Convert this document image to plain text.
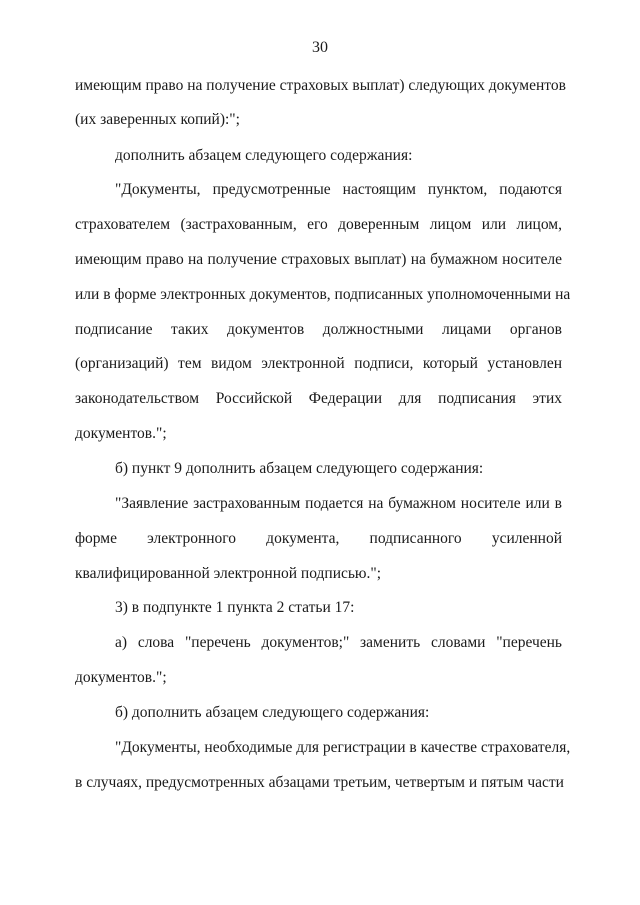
30
имеющим право на получение страховых выплат) следующих документов
(их заверенных копий):";
дополнить абзацем следующего содержания:
"Документы, предусмотренные настоящим пунктом, подаются
страхователем (застрахованным, его доверенным лицом или лицом,
имеющим право на получение страховых выплат) на бумажном носителе
или в форме электронных документов, подписанных уполномоченными на
подписание таких документов должностными лицами органов
(организаций) тем видом электронной подписи, который установлен
законодательством Российской Федерации для подписания этих
документов.";
б) пункт 9 дополнить абзацем следующего содержания:
"Заявление застрахованным подается на бумажном носителе или в
форме электронного документа, подписанного усиленной
квалифицированной электронной подписью.";
3) в подпункте 1 пункта 2 статьи 17:
а) слова "перечень документов;" заменить словами "перечень
документов.";
б) дополнить абзацем следующего содержания:
"Документы, необходимые для регистрации в качестве страхователя,
в случаях, предусмотренных абзацами третьим, четвертым и пятым части
